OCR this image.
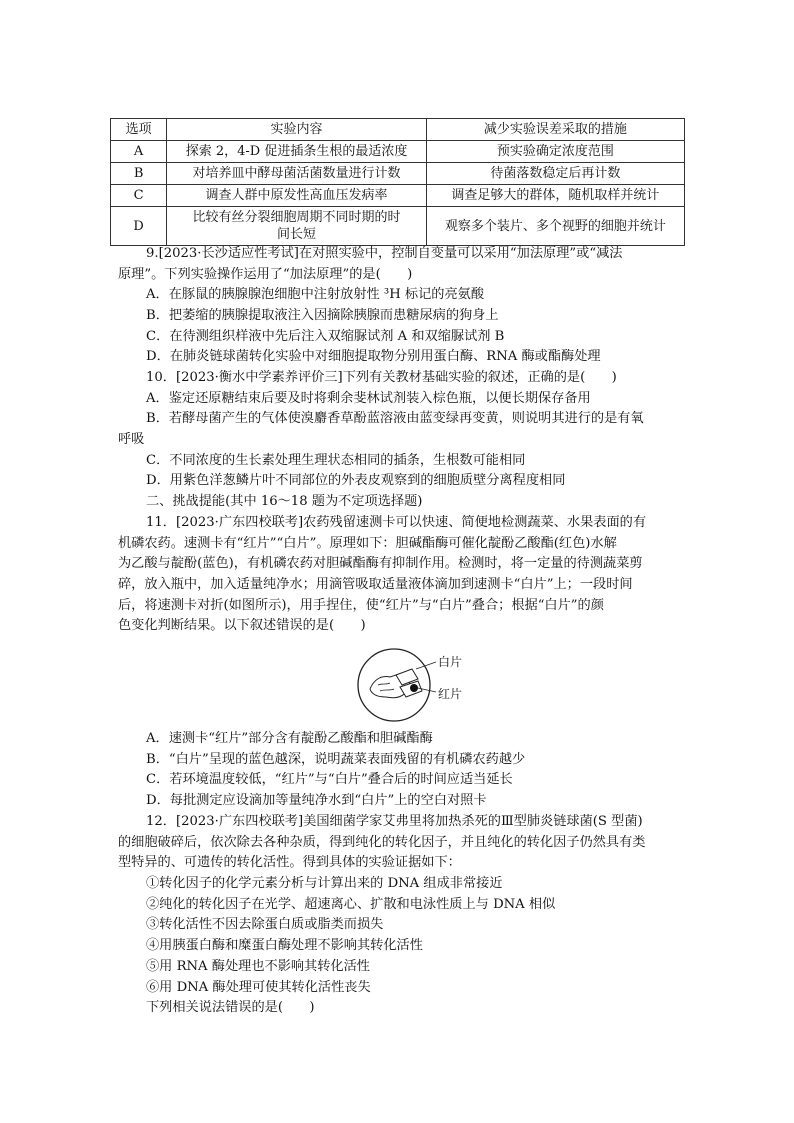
选项	实验内容	减少实验误差采取的措施
A	探索 2，4-D 促进插条生根的最适浓度	预实验确定浓度范围
B	对培养皿中酵母菌活菌数量进行计数	待菌落数稳定后再计数
C	调查人群中原发性高血压发病率	调查足够大的群体，随机取样并统计
D	比较有丝分裂细胞周期不同时期的时间长短	观察多个装片、多个视野的细胞并统计
9.[2023·长沙适应性考试]在对照实验中，控制自变量可以采用“加法原理”或“减法
原理”。下列实验操作运用了“加法原理”的是(　　)
A．在豚鼠的胰腺腺泡细胞中注射放射性 ³H 标记的亮氨酸
B．把萎缩的胰腺提取液注入因摘除胰腺而患糖尿病的狗身上
C．在待测组织样液中先后注入双缩脲试剂 A 和双缩脲试剂 B
D．在肺炎链球菌转化实验中对细胞提取物分别用蛋白酶、RNA 酶或酯酶处理
10．[2023·衡水中学素养评价三]下列有关教材基础实验的叙述，正确的是(　　)
A．鉴定还原糖结束后要及时将剩余斐林试剂装入棕色瓶，以便长期保存备用
B．若酵母菌产生的气体使溴麝香草酚蓝溶液由蓝变绿再变黄，则说明其进行的是有氧
呼吸
C．不同浓度的生长素处理生理状态相同的插条，生根数可能相同
D．用紫色洋葱鳞片叶不同部位的外表皮观察到的细胞质壁分离程度相同
二、挑战提能(其中 16～18 题为不定项选择题)
11．[2023·广东四校联考]农药残留速测卡可以快速、简便地检测蔬菜、水果表面的有
机磷农药。速测卡有“红片”“白片”。原理如下：胆碱酯酶可催化靛酚乙酸酯(红色)水解
为乙酸与靛酚(蓝色)，有机磷农药对胆碱酯酶有抑制作用。检测时，将一定量的待测蔬菜剪
碎，放入瓶中，加入适量纯净水；用滴管吸取适量液体滴加到速测卡“白片”上；一段时间
后，将速测卡对折(如图所示)，用手捏住，使“红片”与“白片”叠合；根据“白片”的颜
色变化判断结果。以下叙述错误的是(　　)
白片
红片
A．速测卡“红片”部分含有靛酚乙酸酯和胆碱酯酶
B．“白片”呈现的蓝色越深，说明蔬菜表面残留的有机磷农药越少
C．若环境温度较低，“红片”与“白片”叠合后的时间应适当延长
D．每批测定应设滴加等量纯净水到“白片”上的空白对照卡
12．[2023·广东四校联考]美国细菌学家艾弗里将加热杀死的Ⅲ型肺炎链球菌(S 型菌)
的细胞破碎后，依次除去各种杂质，得到纯化的转化因子，并且纯化的转化因子仍然具有类
型特异的、可遗传的转化活性。得到具体的实验证据如下：
①转化因子的化学元素分析与计算出来的 DNA 组成非常接近
②纯化的转化因子在光学、超速离心、扩散和电泳性质上与 DNA 相似
③转化活性不因去除蛋白质或脂类而损失
④用胰蛋白酶和糜蛋白酶处理不影响其转化活性
⑤用 RNA 酶处理也不影响其转化活性
⑥用 DNA 酶处理可使其转化活性丧失
下列相关说法错误的是(　　)
